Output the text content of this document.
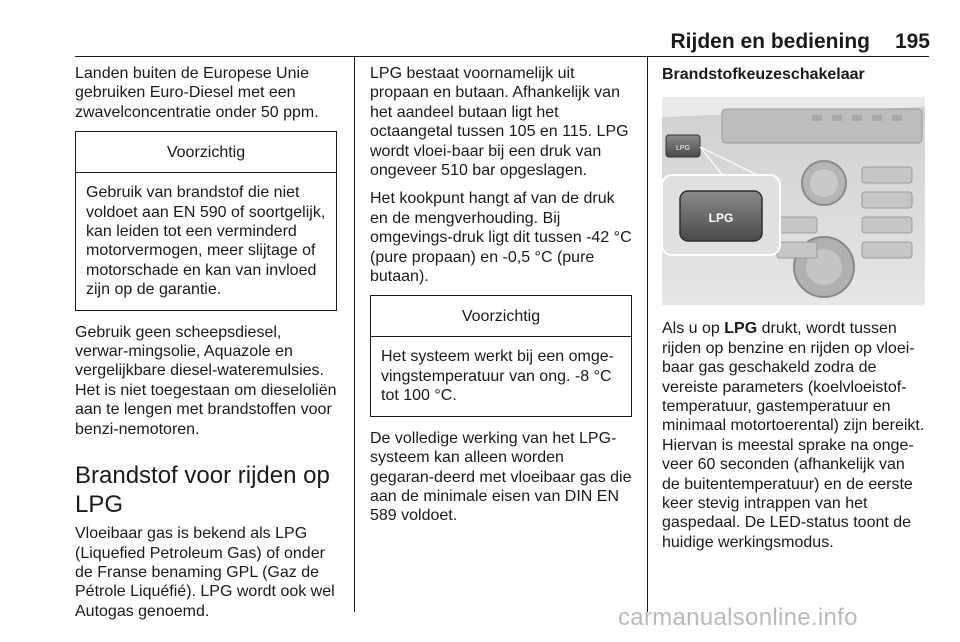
Rijden en bediening	195

Landen buiten de Europese Unie gebruiken Euro-Diesel met een zwavelconcentratie onder 50 ppm.

Voorzichtig
Gebruik van brandstof die niet voldoet aan EN 590 of soortgelijk, kan leiden tot een verminderd motorvermogen, meer slijtage of motorschade en kan van invloed zijn op de garantie.

Gebruik geen scheepsdiesel, verwar-mingsolie, Aquazole en vergelijkbare diesel-wateremulsies. Het is niet toegestaan om dieseloliën aan te lengen met brandstoffen voor benzi-nemotoren.

Brandstof voor rijden op LPG

Vloeibaar gas is bekend als LPG (Liquefied Petroleum Gas) of onder de Franse benaming GPL (Gaz de Pétrole Liquéfié). LPG wordt ook wel Autogas genoemd.

LPG bestaat voornamelijk uit propaan en butaan. Afhankelijk van het aandeel butaan ligt het octaangetal tussen 105 en 115. LPG wordt vloei-baar bij een druk van ongeveer 510 bar opgeslagen.

Het kookpunt hangt af van de druk en de mengverhouding. Bij omgevings-druk ligt dit tussen -42 °C (pure propaan) en -0,5 °C (pure butaan).

Voorzichtig
Het systeem werkt bij een omge-vingstemperatuur van ong. -8 °C tot 100 °C.

De volledige werking van het LPG-systeem kan alleen worden gegaran-deerd met vloeibaar gas die aan de minimale eisen van DIN EN 589 voldoet.

Brandstofkeuzeschakelaar
LPG
LPG

Als u op LPG drukt, wordt tussen rijden op benzine en rijden op vloei-baar gas geschakeld zodra de vereiste parameters (koelvloeistof-temperatuur, gastemperatuur en minimaal motortoerental) zijn bereikt. Hiervan is meestal sprake na onge-veer 60 seconden (afhankelijk van de buitentemperatuur) en de eerste keer stevig intrappen van het gaspedaal. De LED-status toont de huidige werkingsmodus.

carmanualsonline.info
